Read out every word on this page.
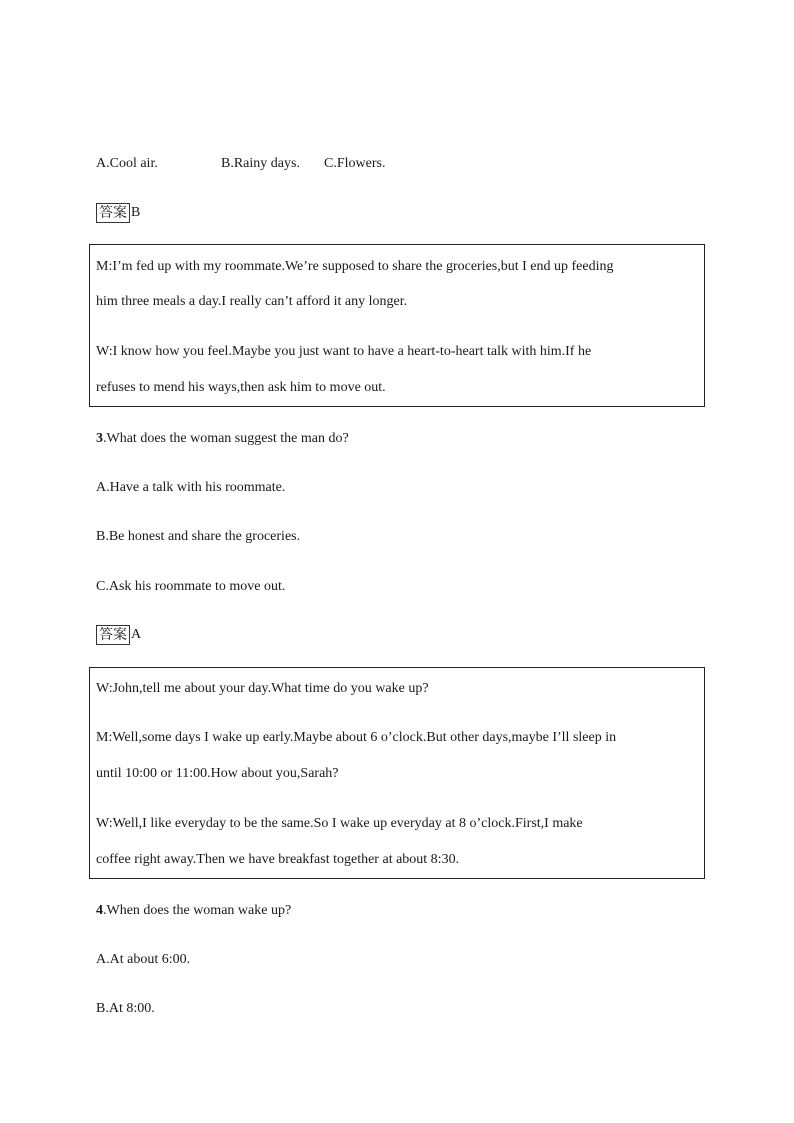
A.Cool air.	B.Rainy days. C.Flowers.
答案 B
M:I’m fed up with my roommate.We’re supposed to share the groceries,but I end up feeding
him three meals a day.I really can’t afford it any longer.
W:I know how you feel.Maybe you just want to have a heart-to-heart talk with him.If he
refuses to mend his ways,then ask him to move out.
3.What does the woman suggest the man do?
A.Have a talk with his roommate.
B.Be honest and share the groceries.
C.Ask his roommate to move out.
答案 A
W:John,tell me about your day.What time do you wake up?
M:Well,some days I wake up early.Maybe about 6 o’clock.But other days,maybe I’ll sleep in
until 10:00 or 11:00.How about you,Sarah?
W:Well,I like everyday to be the same.So I wake up everyday at 8 o’clock.First,I make
coffee right away.Then we have breakfast together at about 8:30.
4.When does the woman wake up?
A.At about 6:00.
B.At 8:00.
